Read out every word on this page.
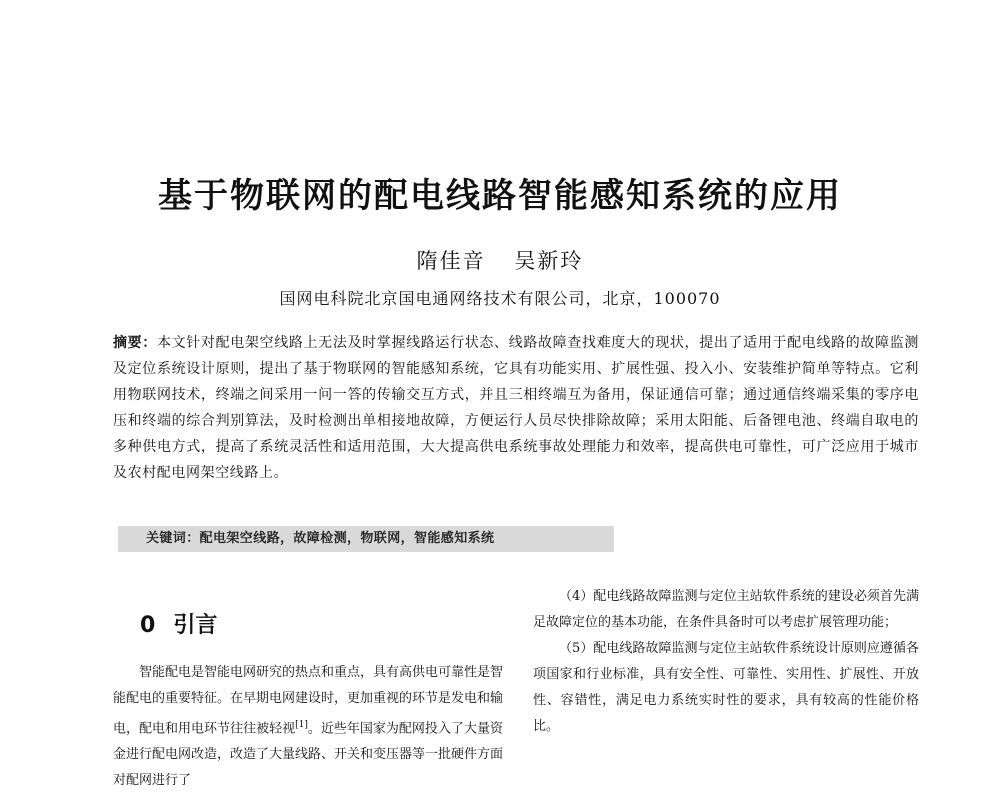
基于物联网的配电线路智能感知系统的应用
隋佳音 吴新玲
国网电科院北京国电通网络技术有限公司，北京，100070
摘要：本文针对配电架空线路上无法及时掌握线路运行状态、线路故障查找难度大的现状，提出了适用于配电线路的故障监测及定位系统设计原则，提出了基于物联网的智能感知系统，它具有功能实用、扩展性强、投入小、安装维护简单等特点。它利用物联网技术，终端之间采用一问一答的传输交互方式，并且三相终端互为备用，保证通信可靠；通过通信终端采集的零序电压和终端的综合判别算法，及时检测出单相接地故障，方便运行人员尽快排除故障；采用太阳能、后备锂电池、终端自取电的多种供电方式，提高了系统灵活性和适用范围，大大提高供电系统事故处理能力和效率，提高供电可靠性，可广泛应用于城市及农村配电网架空线路上。
关键词：配电架空线路，故障检测，物联网，智能感知系统
0 引言

智能配电是智能电网研究的热点和重点，具有高供电可靠性是智能配电的重要特征。在早期电网建设时，更加重视的环节是发电和输电，配电和用电环节往往被轻视[1]。近些年国家为配网投入了大量资金进行配电网改造，改造了大量线路、开关和变压器等一批硬件方面对配网进行了

（4）配电线路故障监测与定位主站软件系统的建设必须首先满足故障定位的基本功能，在条件具备时可以考虑扩展管理功能；

（5）配电线路故障监测与定位主站软件系统设计原则应遵循各项国家和行业标准，具有安全性、可靠性、实用性、扩展性、开放性、容错性，满足电力系统实时性的要求，具有较高的性能价格比。
